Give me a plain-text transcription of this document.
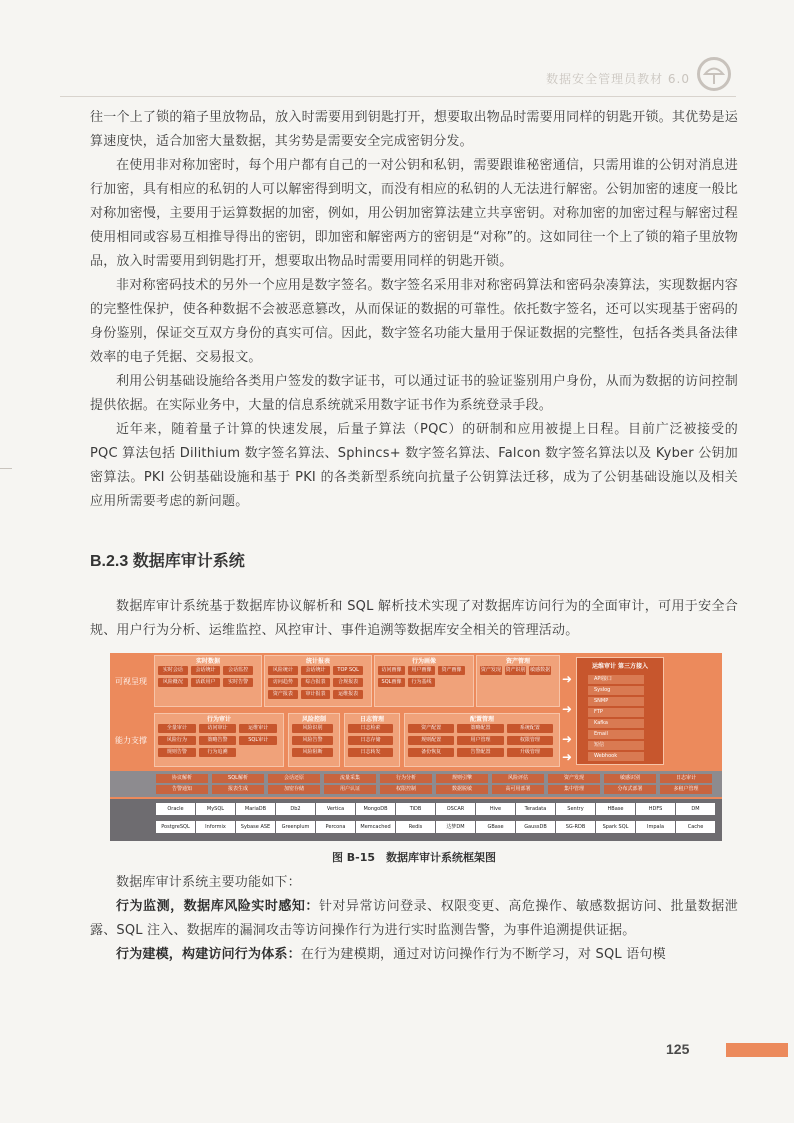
数据安全管理员教材 6.0

往一个上了锁的箱子里放物品，放入时需要用到钥匙打开，想要取出物品时需要用同样的钥匙开锁。其优势是运算速度快，适合加密大量数据，其劣势是需要安全完成密钥分发。

在使用非对称加密时，每个用户都有自己的一对公钥和私钥，需要跟谁秘密通信，只需用谁的公钥对消息进行加密，具有相应的私钥的人可以解密得到明文，而没有相应的私钥的人无法进行解密。公钥加密的速度一般比对称加密慢，主要用于运算数据的加密，例如，用公钥加密算法建立共享密钥。对称加密的加密过程与解密过程使用相同或容易互相推导得出的密钥，即加密和解密两方的密钥是“对称”的。这如同往一个上了锁的箱子里放物品，放入时需要用到钥匙打开，想要取出物品时需要用同样的钥匙开锁。

非对称密码技术的另外一个应用是数字签名。数字签名采用非对称密码算法和密码杂凑算法，实现数据内容的完整性保护，使各种数据不会被恶意篡改，从而保证的数据的可靠性。依托数字签名，还可以实现基于密码的身份鉴别，保证交互双方身份的真实可信。因此，数字签名功能大量用于保证数据的完整性，包括各类具备法律效率的电子凭据、交易报文。

利用公钥基础设施给各类用户签发的数字证书，可以通过证书的验证鉴别用户身份，从而为数据的访问控制提供依据。在实际业务中，大量的信息系统就采用数字证书作为系统登录手段。

近年来，随着量子计算的快速发展，后量子算法（PQC）的研制和应用被提上日程。目前广泛被接受的 PQC 算法包括 Dilithium 数字签名算法、Sphincs+ 数字签名算法、Falcon 数字签名算法以及 Kyber 公钥加密算法。PKI 公钥基础设施和基于 PKI 的各类新型系统向抗量子公钥算法迁移，成为了公钥基础设施以及相关应用所需要考虑的新问题。

B.2.3 数据库审计系统

数据库审计系统基于数据库协议解析和 SQL 解析技术实现了对数据库访问行为的全面审计，可用于安全合规、用户行为分析、运维监控、风控审计、事件追溯等数据库安全相关的管理活动。

可视呈现
能力支撑
实时数据
实时会话	会话统计	会话监控
风险概况	活跃用户	实时告警
统计报表
风险统计	会话统计	TOP SQL
访问趋势	综合报表	合规报表
资产报表	审计报表	运维报表
行为画像
访问画像	用户画像	资产画像
SQL画像	行为基线
资产管理
资产发现 资产识别 敏感数据
行为审计
全量审计	访问审计	运维审计
风险行为	策略告警	SQL审计
规则告警	行为追溯
风险控制
风险识别
风险告警
风险阻断
日志管理
日志检索
日志存储
日志转发
配置管理
资产配置	策略配置	系统配置
规则配置	用户管理	权限管理
备份恢复	告警配置	升级管理
➜
➜
➜
➜
运维审计 第三方接入
API接口
Syslog
SNMP
FTP
Kafka
Email
短信
Webhook
协议解析	SQL解析	会话还原	流量采集	行为分析	规则引擎	风险评估	资产发现	敏感识别	日志审计
告警通知	报表生成	加密存储	用户认证	权限控制	数据脱敏	高可用部署	集中管理	分布式部署	多租户管理
Oracle	MySQL	MariaDB	Db2	Vertica	MongoDB	TiDB	OSCAR	Hive	Teradata	Sentry	HBase	HDFS	DM
PostgreSQL	Informix	Sybase ASE	Greenplum	Percona	Memcached	Redis	达梦DM	GBase	GaussDB	SG-RDB	Spark SQL	Impala	Cache
图 B-15　数据库审计系统框架图

数据库审计系统主要功能如下：

行为监测，数据库风险实时感知：针对异常访问登录、权限变更、高危操作、敏感数据访问、批量数据泄露、SQL 注入、数据库的漏洞攻击等访问操作行为进行实时监测告警，为事件追溯提供证据。

行为建模，构建访问行为体系：在行为建模期，通过对访问操作行为不断学习，对 SQL 语句模

125
